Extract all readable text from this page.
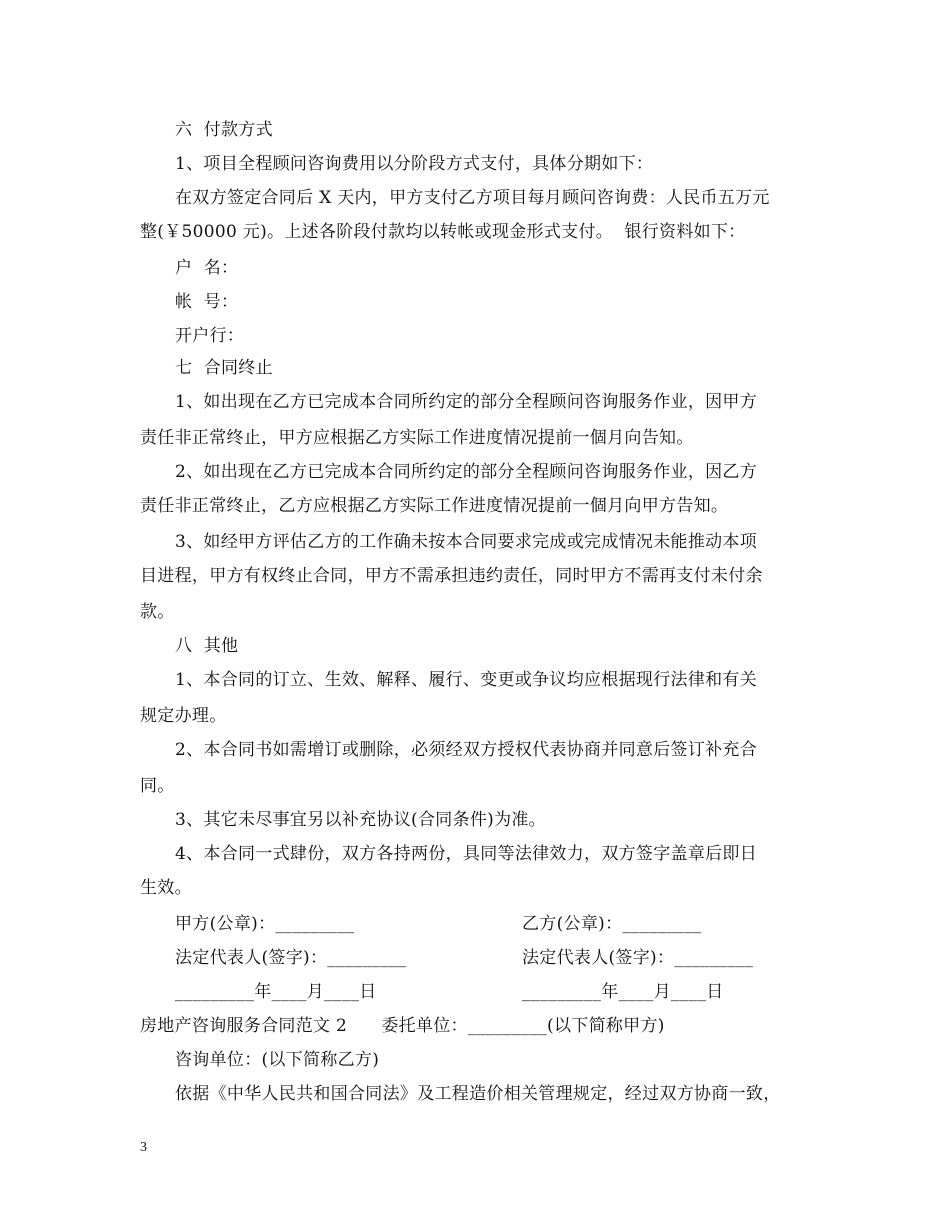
六  付款方式
1、项目全程顾问咨询费用以分阶段方式支付，具体分期如下：
在双方签定合同后 X 天内，甲方支付乙方项目每月顾问咨询费：人民币五万元
整(￥50000 元)。上述各阶段付款均以转帐或现金形式支付。  银行资料如下：
户  名：
帐  号：
开户行：
七  合同终止
1、如出现在乙方已完成本合同所约定的部分全程顾问咨询服务作业，因甲方
责任非正常终止，甲方应根据乙方实际工作进度情况提前一個月向告知。
2、如出现在乙方已完成本合同所约定的部分全程顾问咨询服务作业，因乙方
责任非正常终止，乙方应根据乙方实际工作进度情况提前一個月向甲方告知。
3、如经甲方评估乙方的工作确未按本合同要求完成或完成情况未能推动本项
目进程，甲方有权终止合同，甲方不需承担违约责任，同时甲方不需再支付未付余
款。
八  其他
1、本合同的订立、生效、解释、履行、变更或争议均应根据现行法律和有关
规定办理。
2、本合同书如需增订或删除，必须经双方授权代表协商并同意后签订补充合
同。
3、其它未尽事宜另以补充协议(合同条件)为准。
4、本合同一式肆份，双方各持两份，具同等法律效力，双方签字盖章后即日
生效。
甲方(公章)：_________	乙方(公章)：_________
法定代表人(签字)：_________	法定代表人(签字)：_________
_________年____月____日	_________年____月____日
房地产咨询服务合同范文 2      委托单位：_________(以下简称甲方)
咨询单位：(以下简称乙方)
依据《中华人民共和国合同法》及工程造价相关管理规定，经过双方协商一致，
3
